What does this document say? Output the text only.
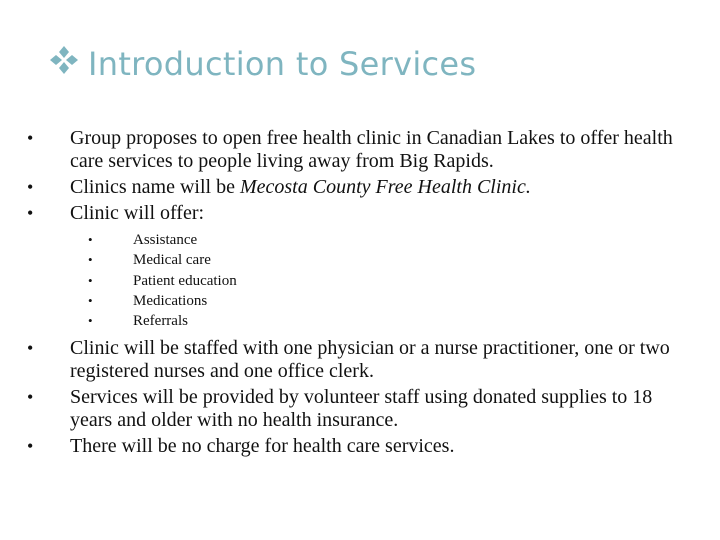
Introduction to Services
• Group proposes to open free health clinic in Canadian Lakes to offer health care services to people living away from Big Rapids.
• Clinics name will be Mecosta County Free Health Clinic.
• Clinic will offer:
•	Assistance
•	Medical care
•	Patient education
•	Medications
•	Referrals
• Clinic will be staffed with one physician or a nurse practitioner, one or two registered nurses and one office clerk.
• Services will be provided by volunteer staff using donated supplies to 18 years and older with no health insurance.
• There will be no charge for health care services.
